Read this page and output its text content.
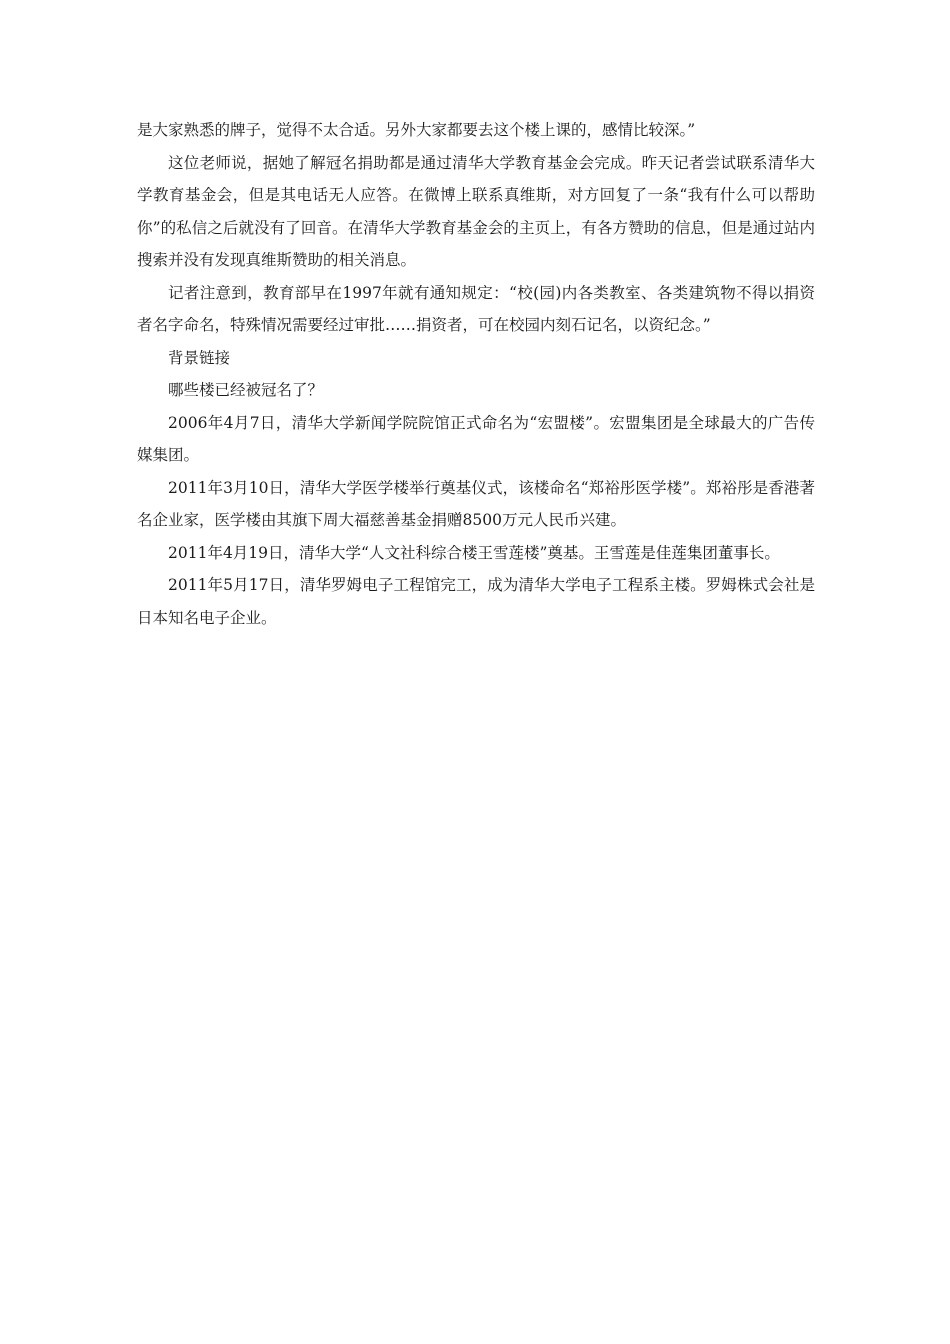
是大家熟悉的牌子，觉得不太合适。另外大家都要去这个楼上课的，感情比较深。”

这位老师说，据她了解冠名捐助都是通过清华大学教育基金会完成。昨天记者尝试联系清华大学教育基金会，但是其电话无人应答。在微博上联系真维斯，对方回复了一条“我有什么可以帮助你”的私信之后就没有了回音。在清华大学教育基金会的主页上，有各方赞助的信息，但是通过站内搜索并没有发现真维斯赞助的相关消息。

记者注意到，教育部早在1997年就有通知规定：“校(园)内各类教室、各类建筑物不得以捐资者名字命名，特殊情况需要经过审批……捐资者，可在校园内刻石记名，以资纪念。”

背景链接

哪些楼已经被冠名了？

2006年4月7日，清华大学新闻学院院馆正式命名为“宏盟楼”。宏盟集团是全球最大的广告传媒集团。

2011年3月10日，清华大学医学楼举行奠基仪式，该楼命名“郑裕彤医学楼”。郑裕彤是香港著名企业家，医学楼由其旗下周大福慈善基金捐赠8500万元人民币兴建。

2011年4月19日，清华大学“人文社科综合楼王雪莲楼”奠基。王雪莲是佳莲集团董事长。

2011年5月17日，清华罗姆电子工程馆完工，成为清华大学电子工程系主楼。罗姆株式会社是日本知名电子企业。
